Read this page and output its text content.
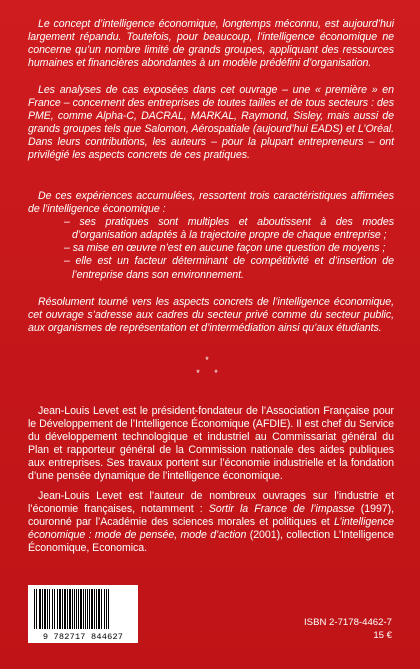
Le concept d’intelligence économique, longtemps méconnu, est aujourd’hui largement répandu. Toutefois, pour beaucoup, l’intelligence économique ne concerne qu’un nombre limité de grands groupes, appliquant des ressources humaines et financières abondantes à un modèle prédéfini d’organisation.

Les analyses de cas exposées dans cet ouvrage – une « première » en France – concernent des entreprises de toutes tailles et de tous secteurs : des PME, comme Alpha-C, DACRAL, MARKAL, Raymond, Sisley, mais aussi de grands groupes tels que Salomon, Aérospatiale (aujourd’hui EADS) et L’Oréal. Dans leurs contributions, les auteurs – pour la plupart entrepreneurs – ont privilégié les aspects concrets de ces pratiques.

De ces expériences accumulées, ressortent trois caractéristiques affirmées de l’intelligence économique :

– ses pratiques sont multiples et aboutissent à des modes d’organisation adaptés à la trajectoire propre de chaque entreprise ;
– sa mise en œuvre n’est en aucune façon une question de moyens ;
– elle est un facteur déterminant de compétitivité et d’insertion de l’entreprise dans son environnement.

Résolument tourné vers les aspects concrets de l’intelligence économique, cet ouvrage s’adresse aux cadres du secteur privé comme du secteur public, aux organismes de représentation et d’intermédiation ainsi qu’aux étudiants.

*
* *

Jean-Louis Levet est le président-fondateur de l’Association Française pour le Développement de l’Intelligence Économique (AFDIE). Il est chef du Service du développement technologique et industriel au Commissariat général du Plan et rapporteur général de la Commission nationale des aides publiques aux entreprises. Ses travaux portent sur l’économie industrielle et la fondation d’une pensée dynamique de l’intelligence économique.

Jean-Louis Levet est l’auteur de nombreux ouvrages sur l’industrie et l’économie françaises, notamment : Sortir la France de l’impasse (1997), couronné par l’Académie des sciences morales et politiques et L’intelligence économique : mode de pensée, mode d’action (2001), collection L’Intelligence Économique, Economica.

9 782717 844627
ISBN 2-7178-4462-7
15 €
